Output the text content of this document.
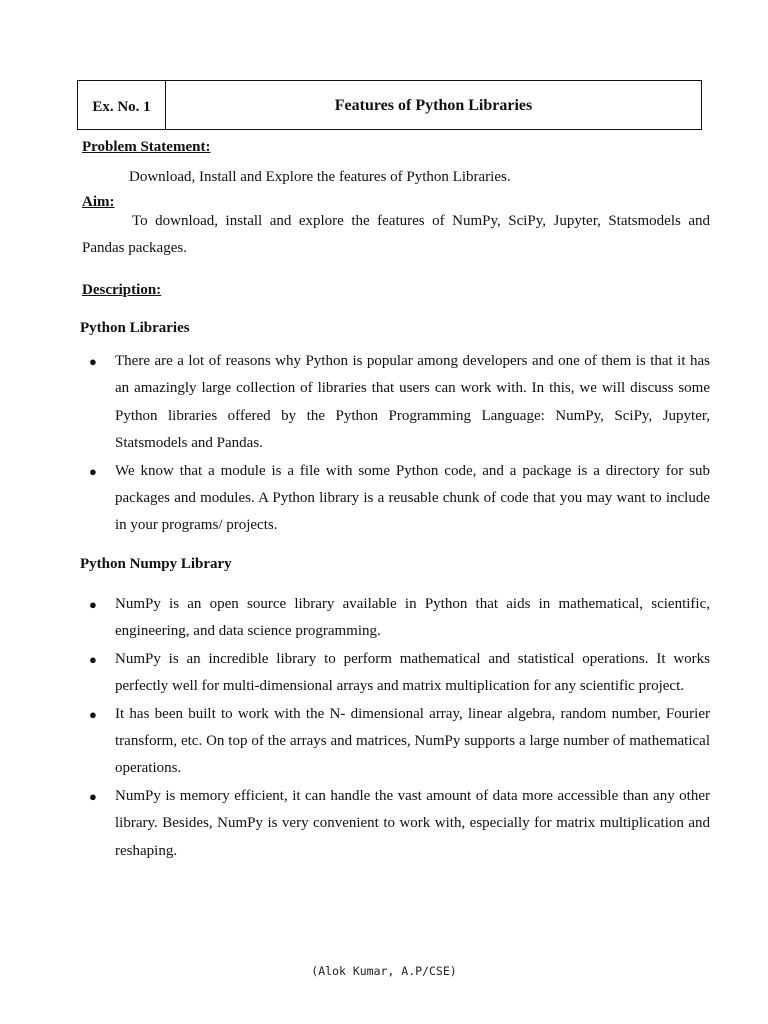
Ex. No. 1	Features of Python Libraries
Problem Statement:
Download, Install and Explore the features of Python Libraries.
Aim:
To download, install and explore the features of NumPy, SciPy, Jupyter, Statsmodels and Pandas packages.
Description:
Python Libraries
● There are a lot of reasons why Python is popular among developers and one of them is that it has an amazingly large collection of libraries that users can work with. In this, we will discuss some Python libraries offered by the Python Programming Language: NumPy, SciPy, Jupyter, Statsmodels and Pandas.
● We know that a module is a file with some Python code, and a package is a directory for sub packages and modules. A Python library is a reusable chunk of code that you may want to include in your programs/ projects.
Python Numpy Library
● NumPy is an open source library available in Python that aids in mathematical, scientific, engineering, and data science programming.
● NumPy is an incredible library to perform mathematical and statistical operations. It works perfectly well for multi-dimensional arrays and matrix multiplication for any scientific project.
● It has been built to work with the N- dimensional array, linear algebra, random number, Fourier transform, etc. On top of the arrays and matrices, NumPy supports a large number of mathematical operations.
● NumPy is memory efficient, it can handle the vast amount of data more accessible than any other library. Besides, NumPy is very convenient to work with, especially for matrix multiplication and reshaping.
(Alok Kumar, A.P/CSE)
